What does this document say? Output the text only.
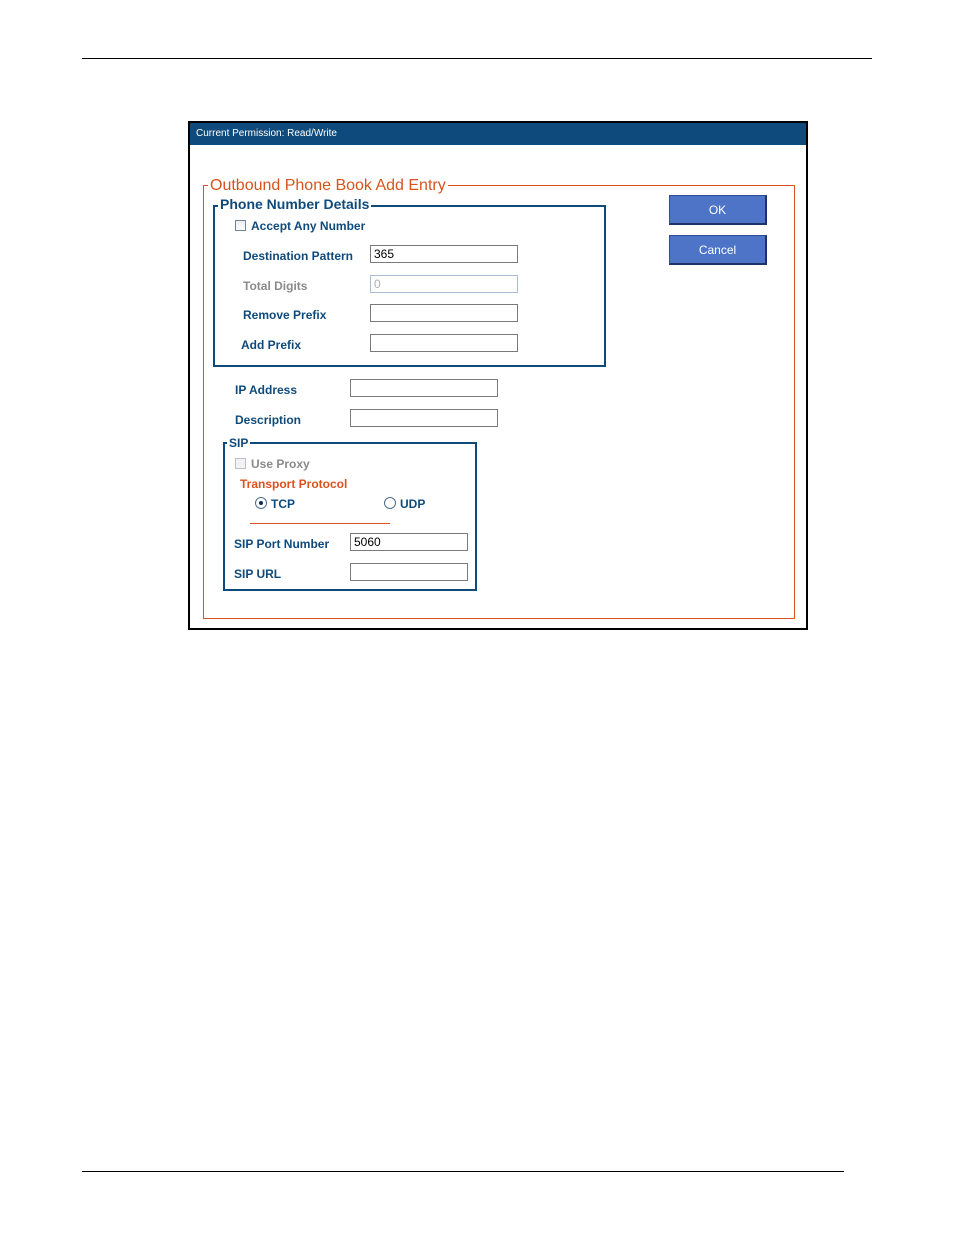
Current Permission: Read/Write
Outbound Phone Book Add Entry
Phone Number Details
Accept Any Number
Destination Pattern
365
Total Digits
0
Remove Prefix
Add Prefix
IP Address
Description
SIP
Use Proxy
Transport Protocol
TCP	UDP
SIP Port Number
5060
SIP URL
OK
Cancel
